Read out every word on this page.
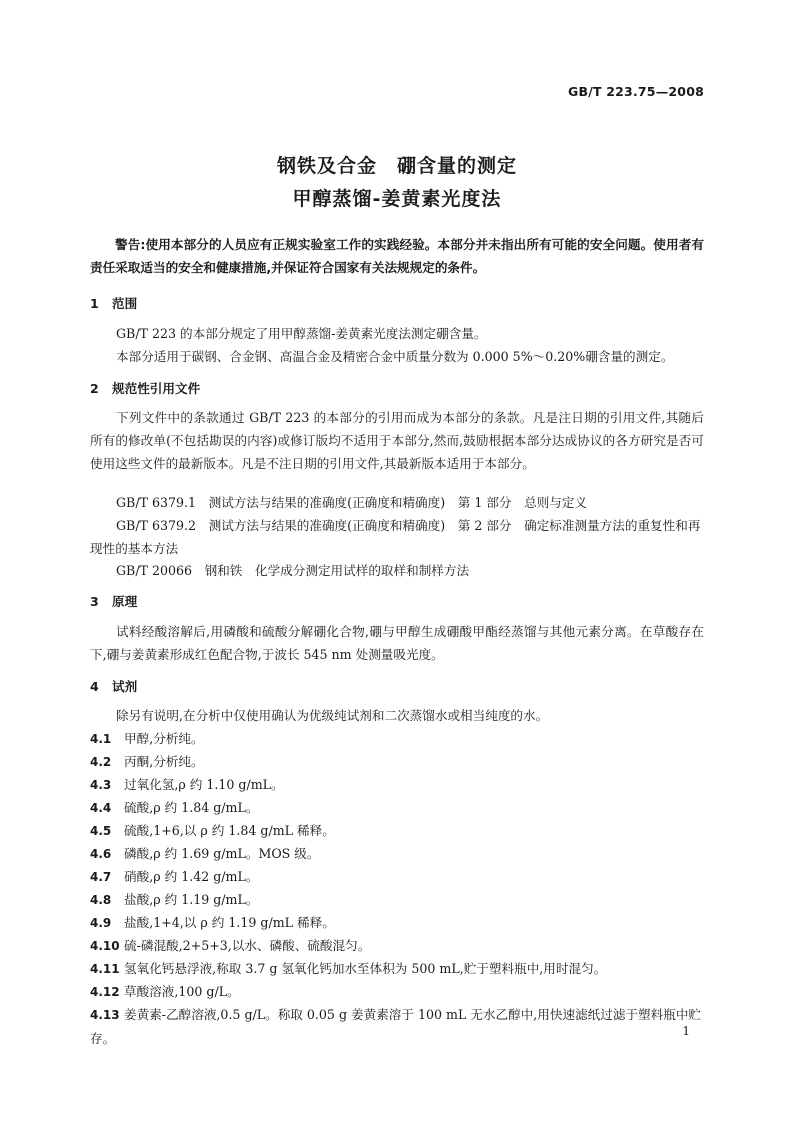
GB/T 223.75—2008
钢铁及合金　硼含量的测定
甲醇蒸馏-姜黄素光度法
警告:使用本部分的人员应有正规实验室工作的实践经验。本部分并未指出所有可能的安全问题。使用者有责任采取适当的安全和健康措施,并保证符合国家有关法规规定的条件。
1 范围
GB/T 223 的本部分规定了用甲醇蒸馏-姜黄素光度法测定硼含量。
本部分适用于碳钢、合金钢、高温合金及精密合金中质量分数为 0.000 5%～0.20%硼含量的测定。
2 规范性引用文件
下列文件中的条款通过 GB/T 223 的本部分的引用而成为本部分的条款。凡是注日期的引用文件,其随后所有的修改单(不包括勘误的内容)或修订版均不适用于本部分,然而,鼓励根据本部分达成协议的各方研究是否可使用这些文件的最新版本。凡是不注日期的引用文件,其最新版本适用于本部分。
GB/T 6379.1　测试方法与结果的准确度(正确度和精确度)　第 1 部分　总则与定义
GB/T 6379.2　测试方法与结果的准确度(正确度和精确度)　第 2 部分　确定标准测量方法的重复性和再现性的基本方法
GB/T 20066　钢和铁　化学成分测定用试样的取样和制样方法
3 原理
试料经酸溶解后,用磷酸和硫酸分解硼化合物,硼与甲醇生成硼酸甲酯经蒸馏与其他元素分离。在草酸存在下,硼与姜黄素形成红色配合物,于波长 545 nm 处测量吸光度。
4 试剂
除另有说明,在分析中仅使用确认为优级纯试剂和二次蒸馏水或相当纯度的水。
4.1 甲醇,分析纯。
4.2 丙酮,分析纯。
4.3 过氧化氢,ρ 约 1.10 g/mL。
4.4 硫酸,ρ 约 1.84 g/mL。
4.5 硫酸,1+6,以 ρ 约 1.84 g/mL 稀释。
4.6 磷酸,ρ 约 1.69 g/mL。MOS 级。
4.7 硝酸,ρ 约 1.42 g/mL。
4.8 盐酸,ρ 约 1.19 g/mL。
4.9 盐酸,1+4,以 ρ 约 1.19 g/mL 稀释。
4.10 硫-磷混酸,2+5+3,以水、磷酸、硫酸混匀。
4.11 氢氧化钙悬浮液,称取 3.7 g 氢氧化钙加水至体积为 500 mL,贮于塑料瓶中,用时混匀。
4.12 草酸溶液,100 g/L。
4.13 姜黄素-乙醇溶液,0.5 g/L。称取 0.05 g 姜黄素溶于 100 mL 无水乙醇中,用快速滤纸过滤于塑料瓶中贮存。	1
